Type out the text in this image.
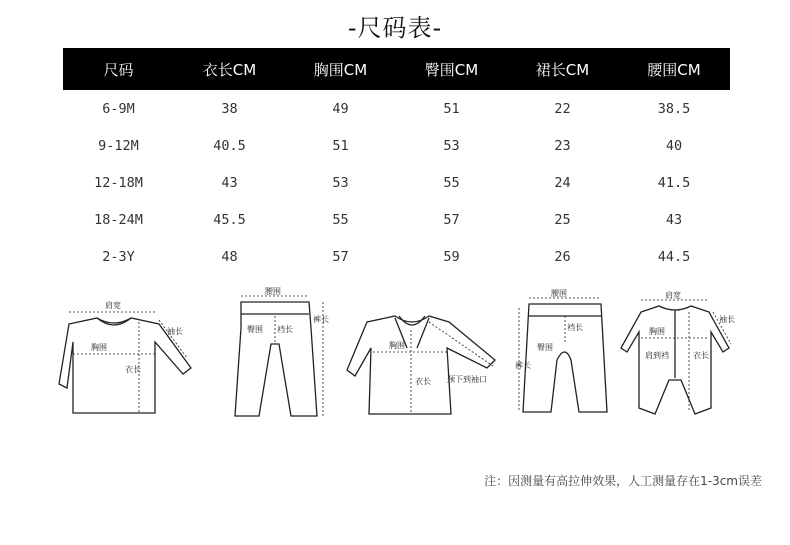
-尺码表-
尺码	衣长CM	胸围CM	臀围CM	裙长CM	腰围CM
6-9M	38	49	51	22	38.5
9-12M	40.5	51	53	23	40
12-18M	43	53	55	24	41.5
18-24M	45.5	55	57	25	43
2-3Y	48	57	59	26	44.5
肩宽
胸围
衣长
袖长
腰围
臀围 裆长
裤长
胸围
衣长 颈下到袖口
腰围
裆长
臀围
裤长
肩宽
胸围
肩到裆	衣长
袖长
注：因测量有高拉伸效果，人工测量存在1-3cm误差
